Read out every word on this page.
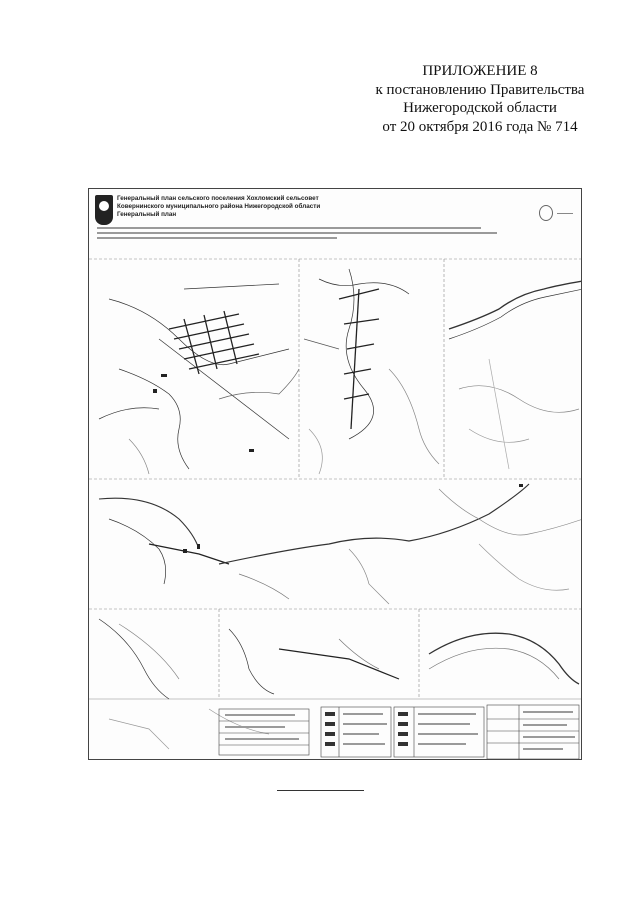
ПРИЛОЖЕНИЕ 8
к постановлению Правительства
Нижегородской области
от 20 октября 2016 года № 714
Генеральный план сельского поселения Хохломский сельсовет
Ковернинского муниципального района Нижегородской области
Генеральный план
